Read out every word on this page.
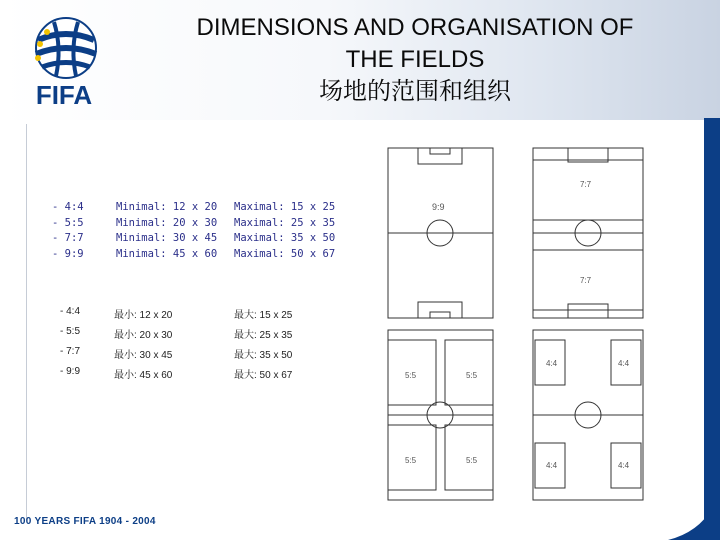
FIFA
DIMENSIONS AND ORGANISATION OF
THE FIELDS
场地的范围和组织
- 4:4	Minimal: 12 x 20	Maximal: 15 x 25
- 5:5	Minimal: 20 x 30	Maximal: 25 x 35
- 7:7	Minimal: 30 x 45	Maximal: 35 x 50
- 9:9	Minimal: 45 x 60	Maximal: 50 x 67
- 4:4	最小: 12 x 20	最大: 15 x 25
- 5:5	最小: 20 x 30	最大: 25 x 35
- 7:7	最小: 30 x 45	最大: 35 x 50
- 9:9	最小: 45 x 60	最大: 50 x 67
9:9
7:7
7:7
5:5	5:5
5:5	5:5
4:4	4:4
4:4	4:4
100 YEARS FIFA 1904 - 2004
